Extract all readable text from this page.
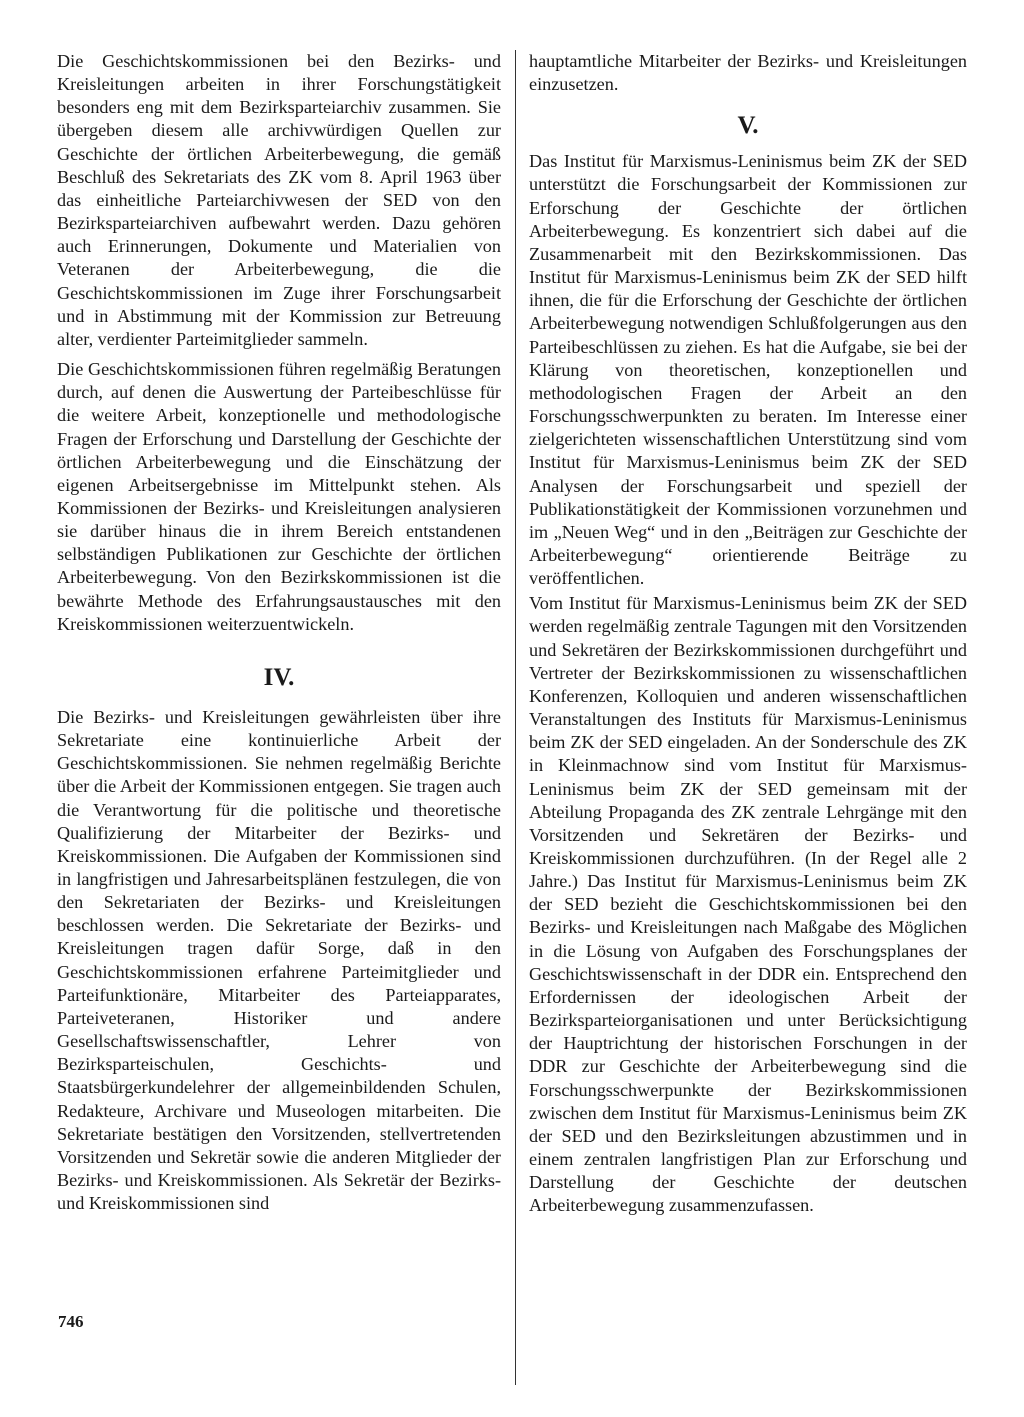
Die Geschichtskommissionen bei den Bezirks- und Kreisleitungen arbeiten in ihrer Forschungstätigkeit besonders eng mit dem Bezirksparteiarchiv zusammen. Sie übergeben diesem alle archivwürdigen Quellen zur Geschichte der örtlichen Arbeiterbewegung, die gemäß Beschluß des Sekretariats des ZK vom 8. April 1963 über das einheitliche Parteiarchivwesen der SED von den Bezirksparteiarchiven aufbewahrt werden. Dazu gehören auch Erinnerungen, Dokumente und Materialien von Veteranen der Arbeiterbewegung, die die Geschichtskommissionen im Zuge ihrer Forschungsarbeit und in Abstimmung mit der Kommission zur Betreuung alter, verdienter Parteimitglieder sammeln.

Die Geschichtskommissionen führen regelmäßig Beratungen durch, auf denen die Auswertung der Parteibeschlüsse für die weitere Arbeit, konzeptionelle und methodologische Fragen der Erforschung und Darstellung der Geschichte der örtlichen Arbeiterbewegung und die Einschätzung der eigenen Arbeitsergebnisse im Mittelpunkt stehen. Als Kommissionen der Bezirks- und Kreisleitungen analysieren sie darüber hinaus die in ihrem Bereich entstandenen selbständigen Publikationen zur Geschichte der örtlichen Arbeiterbewegung. Von den Bezirkskommissionen ist die bewährte Methode des Erfahrungsaustausches mit den Kreiskommissionen weiterzuentwickeln.

IV.

Die Bezirks- und Kreisleitungen gewährleisten über ihre Sekretariate eine kontinuierliche Arbeit der Geschichtskommissionen. Sie nehmen regelmäßig Berichte über die Arbeit der Kommissionen entgegen. Sie tragen auch die Verantwortung für die politische und theoretische Qualifizierung der Mitarbeiter der Bezirks- und Kreiskommissionen. Die Aufgaben der Kommissionen sind in langfristigen und Jahresarbeitsplänen festzulegen, die von den Sekretariaten der Bezirks- und Kreisleitungen beschlossen werden. Die Sekretariate der Bezirks- und Kreisleitungen tragen dafür Sorge, daß in den Geschichtskommissionen erfahrene Parteimitglieder und Parteifunktionäre, Mitarbeiter des Parteiapparates, Parteiveteranen, Historiker und andere Gesellschaftswissenschaftler, Lehrer von Bezirksparteischulen, Geschichts- und Staatsbürgerkundelehrer der allgemeinbildenden Schulen, Redakteure, Archivare und Museologen mitarbeiten. Die Sekretariate bestätigen den Vorsitzenden, stellvertretenden Vorsitzenden und Sekretär sowie die anderen Mitglieder der Bezirks- und Kreiskommissionen. Als Sekretär der Bezirks- und Kreiskommissionen sind

hauptamtliche Mitarbeiter der Bezirks- und Kreisleitungen einzusetzen.

V.

Das Institut für Marxismus-Leninismus beim ZK der SED unterstützt die Forschungsarbeit der Kommissionen zur Erforschung der Geschichte der örtlichen Arbeiterbewegung. Es konzentriert sich dabei auf die Zusammenarbeit mit den Bezirkskommissionen. Das Institut für Marxismus-Leninismus beim ZK der SED hilft ihnen, die für die Erforschung der Geschichte der örtlichen Arbeiterbewegung notwendigen Schlußfolgerungen aus den Parteibeschlüssen zu ziehen. Es hat die Aufgabe, sie bei der Klärung von theoretischen, konzeptionellen und methodologischen Fragen der Arbeit an den Forschungsschwerpunkten zu beraten. Im Interesse einer zielgerichteten wissenschaftlichen Unterstützung sind vom Institut für Marxismus-Leninismus beim ZK der SED Analysen der Forschungsarbeit und speziell der Publikationstätigkeit der Kommissionen vorzunehmen und im „Neuen Weg“ und in den „Beiträgen zur Geschichte der Arbeiterbewegung“ orientierende Beiträge zu veröffentlichen.

Vom Institut für Marxismus-Leninismus beim ZK der SED werden regelmäßig zentrale Tagungen mit den Vorsitzenden und Sekretären der Bezirkskommissionen durchgeführt und Vertreter der Bezirkskommissionen zu wissenschaftlichen Konferenzen, Kolloquien und anderen wissenschaftlichen Veranstaltungen des Instituts für Marxismus-Leninismus beim ZK der SED eingeladen. An der Sonderschule des ZK in Kleinmachnow sind vom Institut für Marxismus-Leninismus beim ZK der SED gemeinsam mit der Abteilung Propaganda des ZK zentrale Lehrgänge mit den Vorsitzenden und Sekretären der Bezirks- und Kreiskommissionen durchzuführen. (In der Regel alle 2 Jahre.) Das Institut für Marxismus-Leninismus beim ZK der SED bezieht die Geschichtskommissionen bei den Bezirks- und Kreisleitungen nach Maßgabe des Möglichen in die Lösung von Aufgaben des Forschungsplanes der Geschichtswissenschaft in der DDR ein. Entsprechend den Erfordernissen der ideologischen Arbeit der Bezirksparteiorganisationen und unter Berücksichtigung der Hauptrichtung der historischen Forschungen in der DDR zur Geschichte der Arbeiterbewegung sind die Forschungsschwerpunkte der Bezirkskommissionen zwischen dem Institut für Marxismus-Leninismus beim ZK der SED und den Bezirksleitungen abzustimmen und in einem zentralen langfristigen Plan zur Erforschung und Darstellung der Geschichte der deutschen Arbeiterbewegung zusammenzufassen.

746
